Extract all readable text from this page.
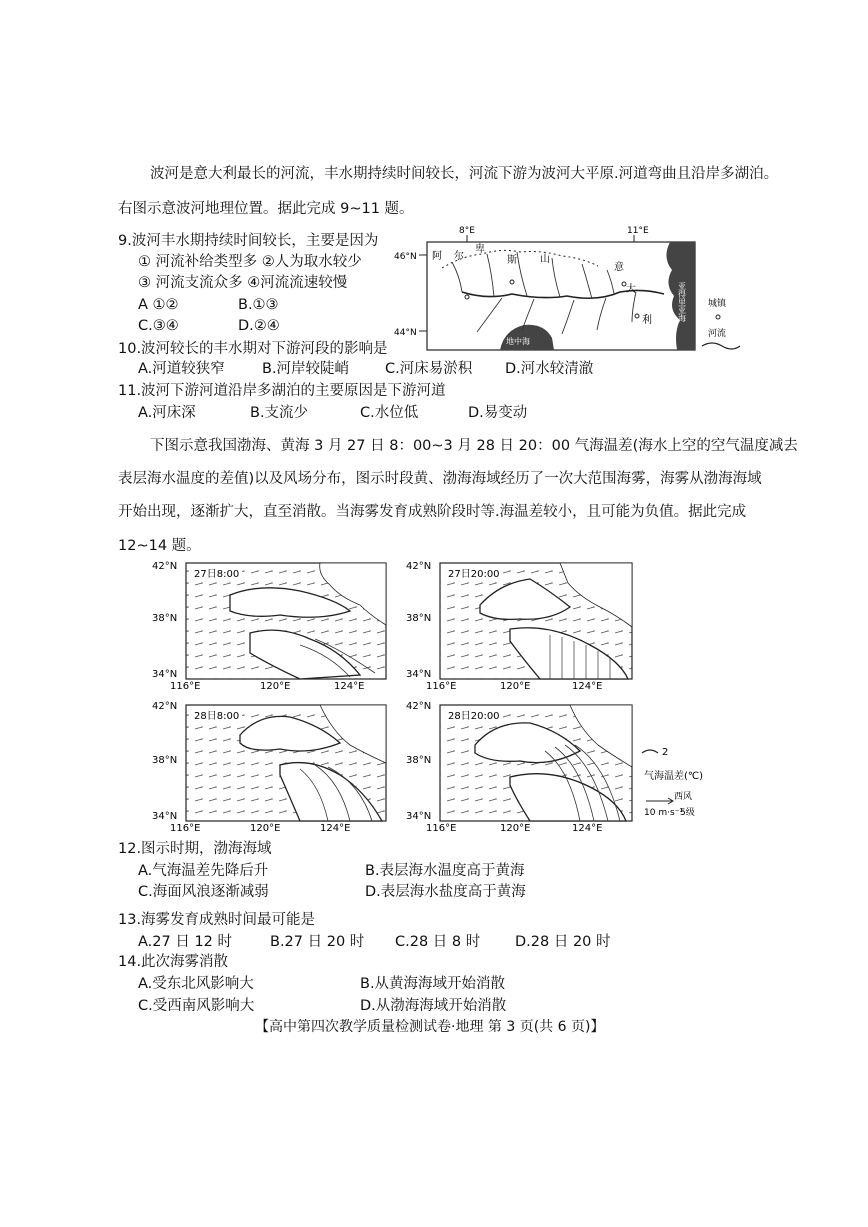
波河是意大利最长的河流，丰水期持续时间较长，河流下游为波河大平原.河道弯曲且沿岸多湖泊。
右图示意波河地理位置。据此完成 9~11 题。
9.波河丰水期持续时间较长，主要是因为
① 河流补给类型多 ②人为取水较少
③ 河流支流众多 ④河流流速较慢
A ①②	B.①③
C.③④	D.②④
8°E	11°E
46°N
44°N
亚得里亚海
地中海
阿 尔
卑
斯 山
意
大
利
城镇
河流
10.波河较长的丰水期对下游河段的影响是
A.河道较狭窄	B.河岸较陡峭 C.河床易淤积 D.河水较清澈
11.波河下游河道沿岸多湖泊的主要原因是下游河道
A.河床深	B.支流少	C.水位低	D.易变动
下图示意我国渤海、黄海 3 月 27 日 8：00~3 月 28 日 20：00 气海温差(海水上空的空气温度减去
表层海水温度的差值)以及风场分布，图示时段黄、渤海海域经历了一次大范围海雾，海雾从渤海海域
开始出现，逐渐扩大，直至消散。当海雾发育成熟阶段时等.海温差较小，且可能为负值。据此完成
12~14 题。
42°N
38°N
34°N
116°E	120°E	124°E
27日8:00
42°N
38°N
34°N
116°E	120°E	124°E
27日20:00
42°N
38°N
34°N
116°E	120°E	124°E
28日8:00
42°N
38°N
34°N
116°E	120°E	124°E
28日20:00
2
气海温差(℃)
西风
10 m·s⁻¹
5级
12.图示时期，渤海海域
A.气海温差先降后升	B.表层海水温度高于黄海
C.海面风浪逐渐减弱	D.表层海水盐度高于黄海
13.海雾发育成熟时间最可能是
A.27 日 12 时	B.27 日 20 时 C.28 日 8 时 D.28 日 20 时
14.此次海雾消散
A.受东北风影响大	B.从黄海海域开始消散
C.受西南风影响大	D.从渤海海域开始消散
【高中第四次教学质量检测试卷·地理 第 3 页(共 6 页)】
